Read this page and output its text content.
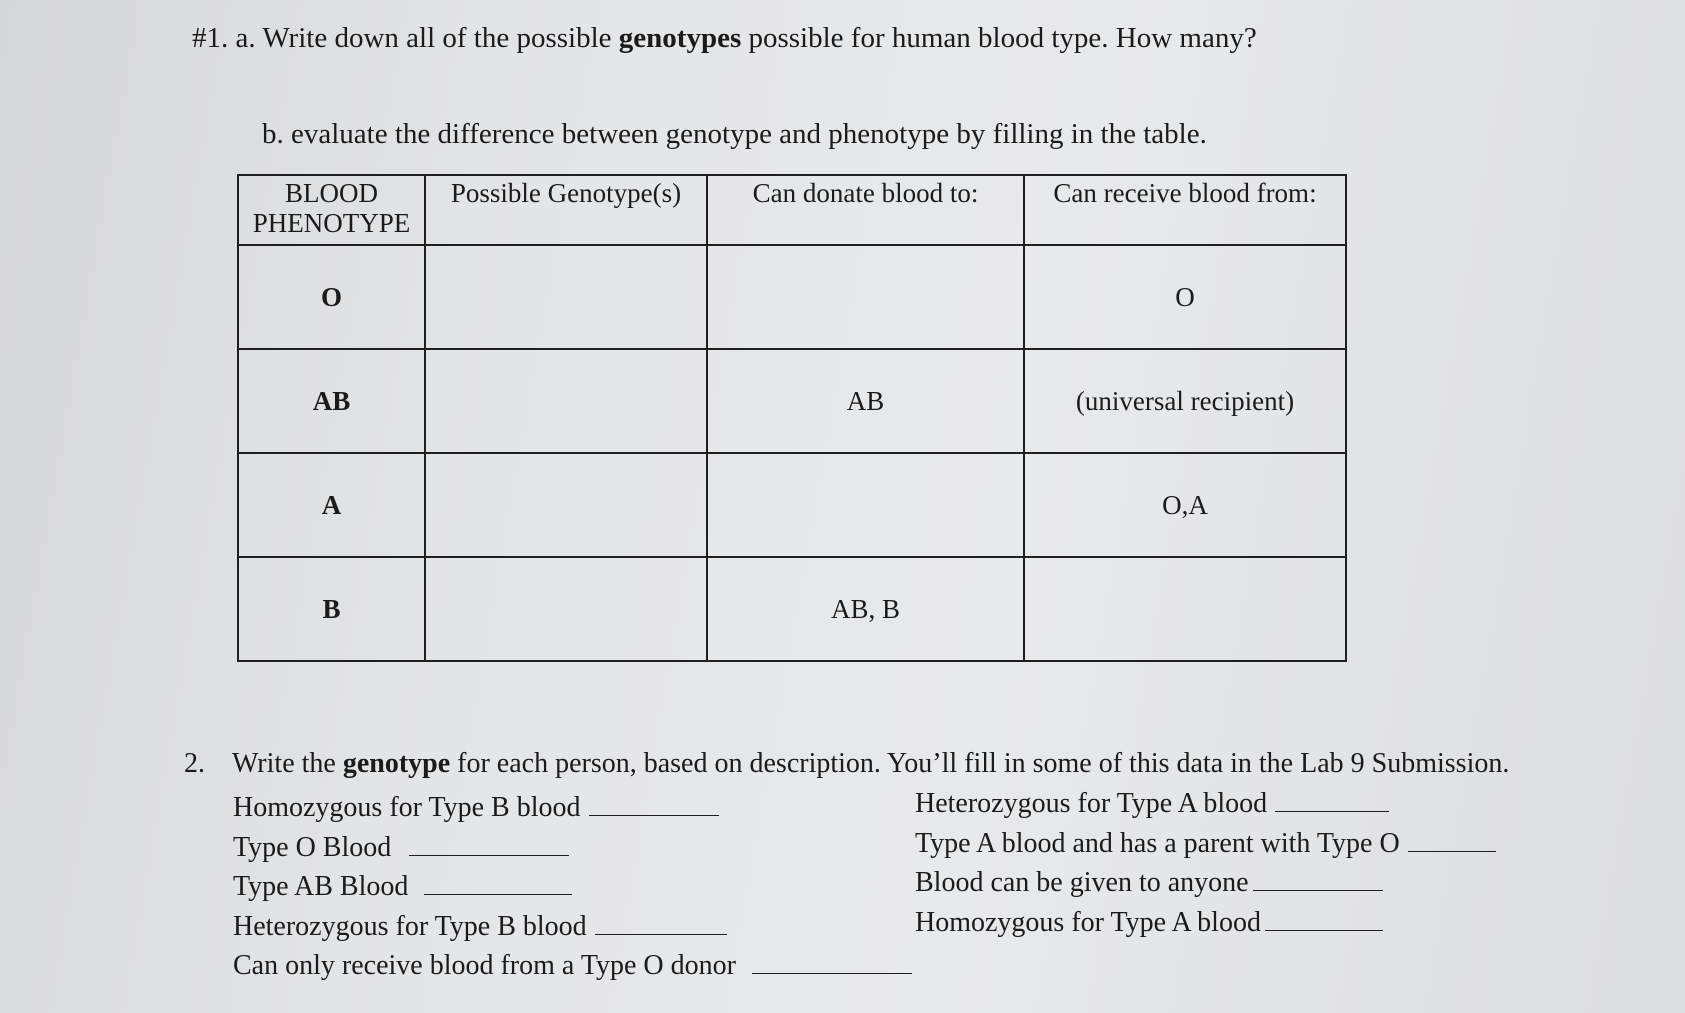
#1. a. Write down all of the possible genotypes possible for human blood type. How many?
b. evaluate the difference between genotype and phenotype by filling in the table.
BLOOD PHENOTYPE	Possible Genotype(s)	Can donate blood to:	Can receive blood from:
O			O
AB		AB	(universal recipient)
A			O,A
B		AB, B	
2. Write the genotype for each person, based on description. You’ll fill in some of this data in the Lab 9 Submission.
Homozygous for Type B blood
Type O Blood
Type AB Blood
Heterozygous for Type B blood
Can only receive blood from a Type O donor
Heterozygous for Type A blood
Type A blood and has a parent with Type O
Blood can be given to anyone
Homozygous for Type A blood
